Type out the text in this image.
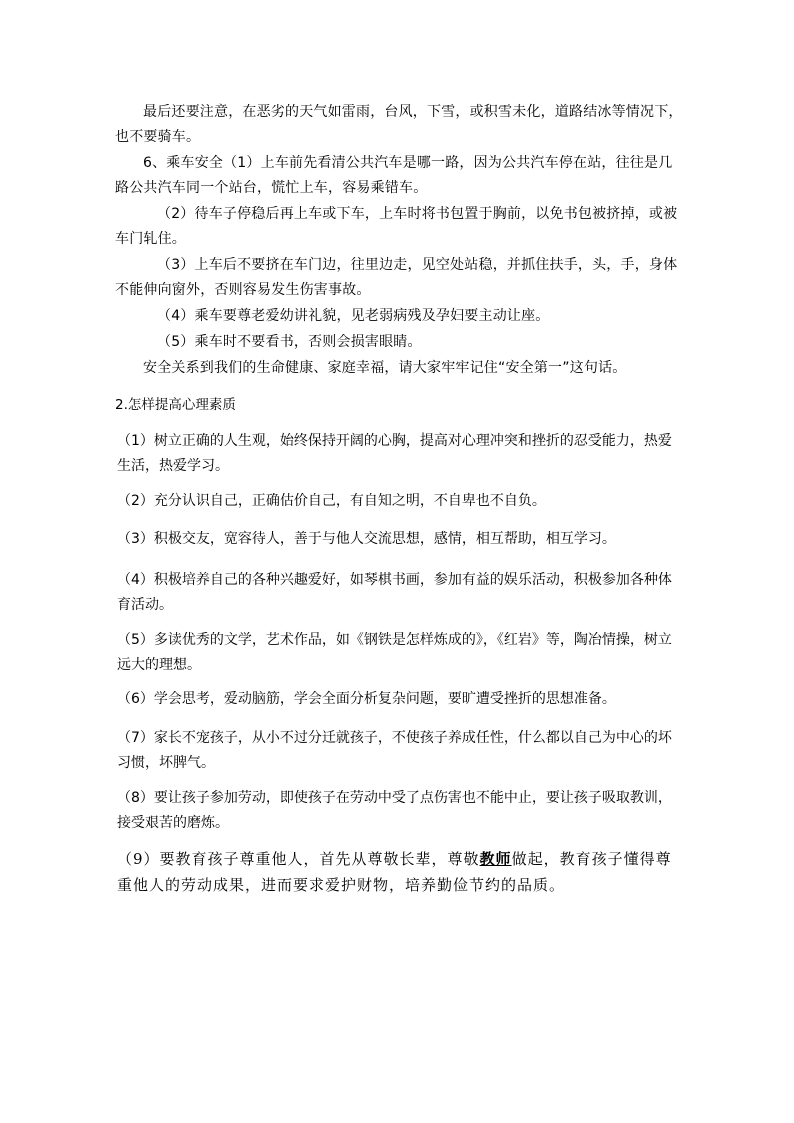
最后还要注意，在恶劣的天气如雷雨，台风，下雪，或积雪未化，道路结冰等情况下，也不要骑车。

6、乘车安全（1）上车前先看清公共汽车是哪一路，因为公共汽车停在站，往往是几路公共汽车同一个站台，慌忙上车，容易乘错车。

（2）待车子停稳后再上车或下车，上车时将书包置于胸前，以免书包被挤掉，或被车门轧住。

（3）上车后不要挤在车门边，往里边走，见空处站稳，并抓住扶手，头，手，身体不能伸向窗外，否则容易发生伤害事故。

（4）乘车要尊老爱幼讲礼貌，见老弱病残及孕妇要主动让座。

（5）乘车时不要看书，否则会损害眼睛。

安全关系到我们的生命健康、家庭幸福，请大家牢牢记住“安全第一”这句话。

2.怎样提高心理素质

（1）树立正确的人生观，始终保持开阔的心胸，提高对心理冲突和挫折的忍受能力，热爱生活，热爱学习。

（2）充分认识自己，正确估价自己，有自知之明，不自卑也不自负。

（3）积极交友，宽容待人，善于与他人交流思想，感情，相互帮助，相互学习。

（4）积极培养自己的各种兴趣爱好，如琴棋书画，参加有益的娱乐活动，积极参加各种体育活动。

（5）多读优秀的文学，艺术作品，如《钢铁是怎样炼成的》，《红岩》等，陶冶情操，树立远大的理想。

（6）学会思考，爱动脑筋，学会全面分析复杂问题，要旷遭受挫折的思想准备。

（7）家长不宠孩子，从小不过分迁就孩子，不使孩子养成任性，什么都以自己为中心的坏习惯，坏脾气。

（8）要让孩子参加劳动，即使孩子在劳动中受了点伤害也不能中止，要让孩子吸取教训，接受艰苦的磨炼。

（9）要教育孩子尊重他人，首先从尊敬长辈，尊敬教师做起，教育孩子懂得尊重他人的劳动成果，进而要求爱护财物，培养勤俭节约的品质。
